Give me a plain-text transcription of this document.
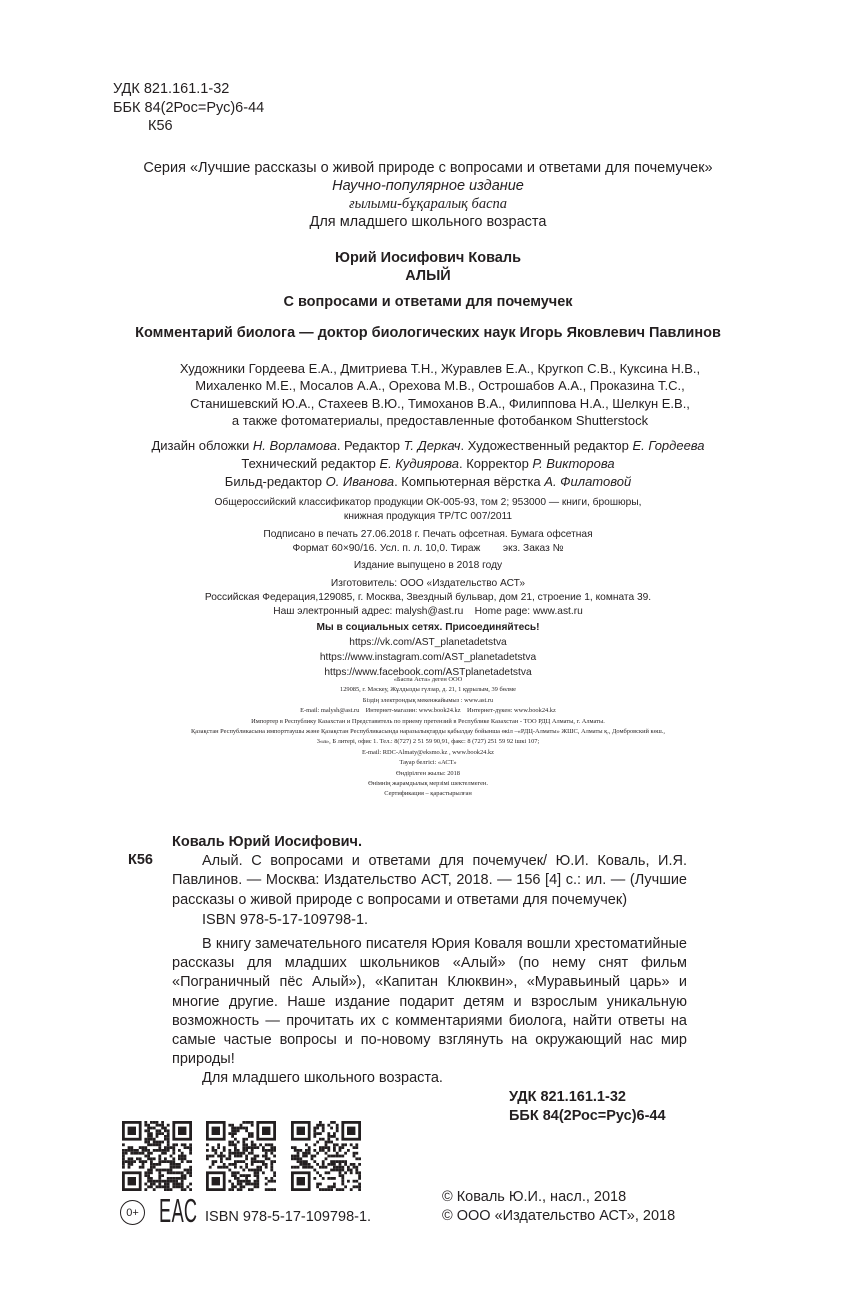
УДК 821.161.1-32
ББК 84(2Рос=Рус)6-44
К56
Серия «Лучшие рассказы о живой природе с вопросами и ответами для почемучек»
Научно-популярное издание
ғылыми-бұқаралық баспа
Для младшего школьного возраста
Юрий Иосифович Коваль
АЛЫЙ
С вопросами и ответами для почемучек
Комментарий биолога — доктор биологических наук Игорь Яковлевич Павлинов
Художники Гордеева Е.А., Дмитриева Т.Н., Журавлев Е.А., Кругкоп С.В., Куксина Н.В.,
Михаленко М.Е., Мосалов А.А., Орехова М.В., Острошабов А.А., Проказина Т.С.,
Станишевский Ю.А., Стахеев В.Ю., Тимоханов В.А., Филиппова Н.А., Шелкун Е.В.,
а также фотоматериалы, предоставленные фотобанком Shutterstock
Дизайн обложки Н. Ворламова. Редактор Т. Деркач. Художественный редактор Е. Гордеева
Технический редактор Е. Кудиярова. Корректор Р. Викторова
Бильд-редактор О. Иванова. Компьютерная вёрстка А. Филатовой
Общероссийский классификатор продукции ОК-005-93, том 2; 953000 — книги, брошюры,
книжная продукция ТР/ТС 007/2011
Подписано в печать 27.06.2018 г. Печать офсетная. Бумага офсетная
Формат 60×90/16. Усл. п. л. 10,0. Тираж        экз. Заказ №
Издание выпущено в 2018 году
Изготовитель: ООО «Издательство АСТ»
Российская Федерация,129085, г. Москва, Звездный бульвар, дом 21, строение 1, комната 39.
Наш электронный адрес: malysh@ast.ru    Home page: www.ast.ru
Мы в социальных сетях. Присоединяйтесь!
https://vk.com/AST_planetadetstva
https://www.instagram.com/AST_planetadetstva
https://www.facebook.com/ASTplanetadetstva
«Баспа Аста» деген ООО
129085, г. Мәскеу, Жұлдызды гүлзар, д. 21, 1 құрылым, 39 бөлме
Біздің электрондық мекенжайымыз : www.ast.ru
E-mail: malysh@ast.ru    Интернет-магазин: www.book24.kz    Интернет-дүкен: www.book24.kz
Импортер в Республику Казахстан и Представитель по приему претензий в Республике Казахстан - ТОО РДЦ Алматы, г. Алматы.
Қазақстан Республикасына импорттаушы және Қазақстан Республикасында наразылықтарды қабылдау бойынша өкіл –«РДЦ-Алматы» ЖШС, Алматы қ., Домбровский көш.,
3«а», Б литері, офис 1. Тел.: 8(727) 2 51 59 90,91, факс: 8 (727) 251 59 92 ішкі 107;
E-mail: RDC-Almaty@eksmo.kz , www.book24.kz
Тауар белгісі: «АСТ»
Өндірілген жылы: 2018
Өнімнің жарамдылық мерзімі шектелмеген.
Сертификация – қарастырылған
К56
Коваль Юрий Иосифович.
Алый. С вопросами и ответами для почемучек/ Ю.И. Коваль, И.Я. Павлинов. — Москва: Издательство АСТ, 2018. — 156 [4] с.: ил. — (Лучшие рассказы о живой природе с вопросами и ответами для почемучек)
ISBN 978-5-17-109798-1.
В книгу замечательного писателя Юрия Коваля вошли хрестоматийные рассказы для младших школьников «Алый» (по нему снят фильм «Пограничный пёс Алый»), «Капитан Клюквин», «Муравьиный царь» и многие другие. Наше издание подарит детям и взрослым уникальную возможность — прочитать их с комментариями биолога, найти ответы на самые частые вопросы и по-новому взглянуть на окружающий нас мир природы!
Для младшего школьного возраста.
УДК 821.161.1-32
ББК 84(2Рос=Рус)6-44
0+ ЕАС ISBN 978-5-17-109798-1.
© Коваль Ю.И., насл., 2018
© ООО «Издательство АСТ», 2018
